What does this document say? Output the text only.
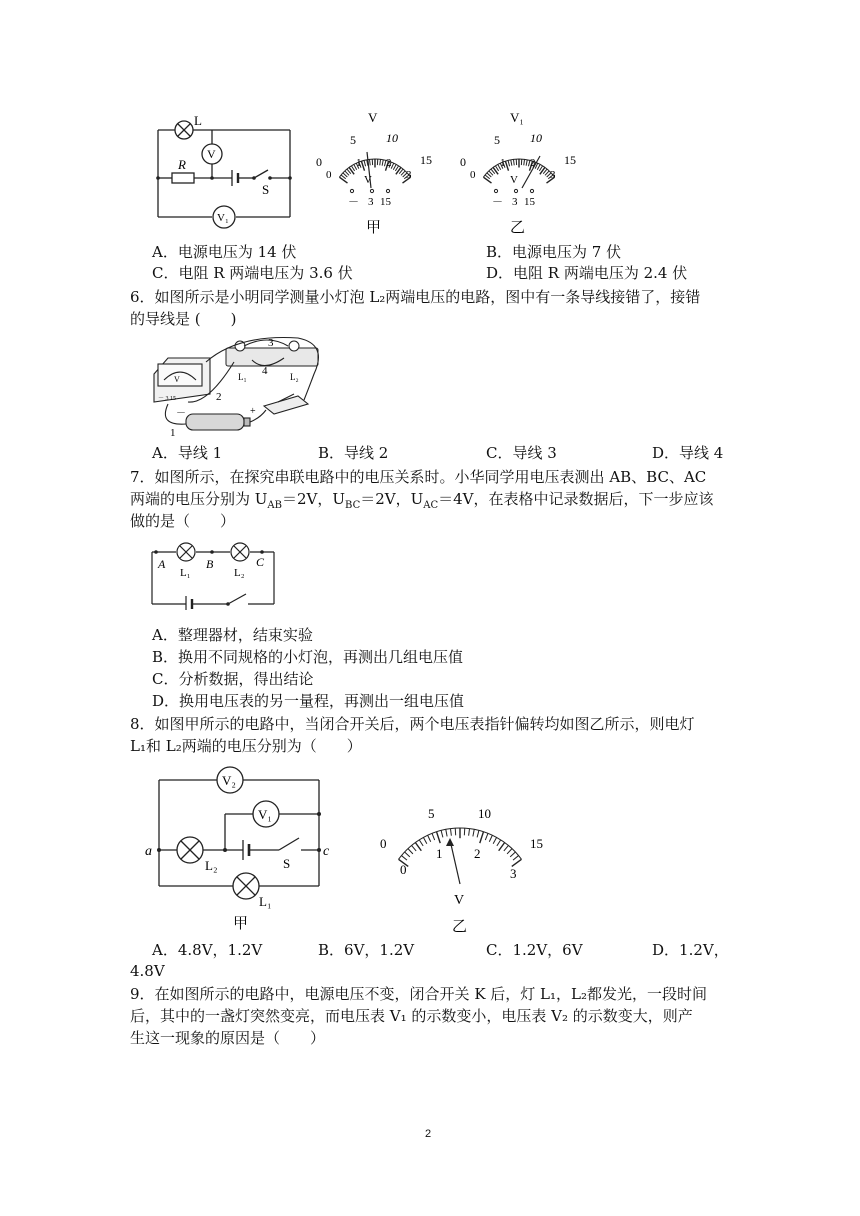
L
R
V
S
V₁
V
0
5	10
15
0
1 2
3
V
－ 3 15
甲
V₁
0
5	10
15
0
1 2
3
V
－ 3 15
乙
A．电源电压为 14 伏	B．电源电压为 7 伏
C．电阻 R 两端电压为 3.6 伏	D．电阻 R 两端电压为 2.4 伏
6．如图所示是小明同学测量小灯泡 L₂两端电压的电路，图中有一条导线接错了，接错
的导线是 (　　)
V
－ 3 15
L₁	L₂
－	+
1
2
3
4
A．导线 1	B．导线 2	C．导线 3	D．导线 4
7．如图所示，在探究串联电路中的电压关系时。小华同学用电压表测出 AB、BC、AC
两端的电压分别为 $U_{AB}=2V$，$U_{BC}=2V$，$U_{AC}=4V$，在表格中记录数据后，下一步应该
做的是（　　）
A	B	C
L₁	L₂
A．整理器材，结束实验
B．换用不同规格的小灯泡，再测出几组电压值
C．分析数据，得出结论
D．换用电压表的另一量程，再测出一组电压值
8．如图甲所示的电路中，当闭合开关后，两个电压表指针偏转均如图乙所示，则电灯
L₁和 L₂两端的电压分别为（　　）
V₂
V₁
L₂	S
L₁
a	c
甲
0
5	10
15
0
1 2
3
V
乙
A．4.8V，1.2V	B．6V，1.2V	C．1.2V，6V	D．1.2V，
4.8V
9．在如图所示的电路中，电源电压不变，闭合开关 K 后，灯 L₁，L₂都发光，一段时间
后，其中的一盏灯突然变亮，而电压表 V₁ 的示数变小，电压表 V₂ 的示数变大，则产
生这一现象的原因是（　　）
2
